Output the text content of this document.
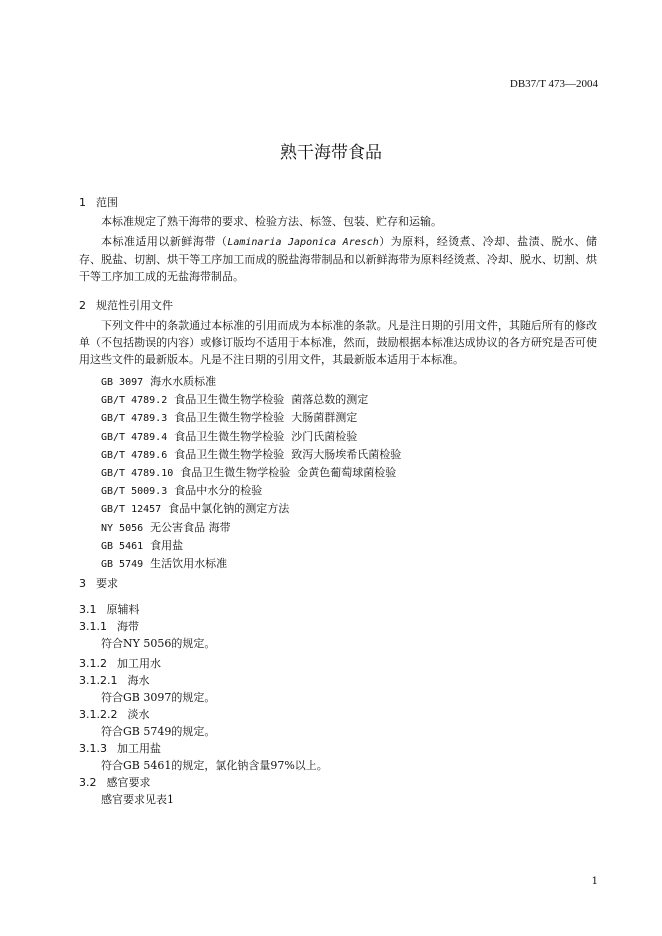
DB37/T 473—2004
熟干海带食品
1 范围
本标准规定了熟干海带的要求、检验方法、标签、包装、贮存和运输。
本标准适用以新鲜海带（Laminaria Japonica Aresch）为原料，经烫煮、冷却、盐渍、脱水、储存、脱盐、切割、烘干等工序加工而成的脱盐海带制品和以新鲜海带为原料经烫煮、冷却、脱水、切割、烘干等工序加工成的无盐海带制品。
2 规范性引用文件
下列文件中的条款通过本标准的引用而成为本标准的条款。凡是注日期的引用文件，其随后所有的修改单（不包括勘误的内容）或修订版均不适用于本标准，然而，鼓励根据本标准达成协议的各方研究是否可使用这些文件的最新版本。凡是不注日期的引用文件，其最新版本适用于本标准。
GB 3097 海水水质标准
GB/T 4789.2 食品卫生微生物学检验  菌落总数的测定
GB/T 4789.3 食品卫生微生物学检验  大肠菌群测定
GB/T 4789.4 食品卫生微生物学检验  沙门氏菌检验
GB/T 4789.6 食品卫生微生物学检验  致泻大肠埃希氏菌检验
GB/T 4789.10 食品卫生微生物学检验  金黄色葡萄球菌检验
GB/T 5009.3 食品中水分的检验
GB/T 12457 食品中氯化钠的测定方法
NY 5056 无公害食品 海带
GB 5461 食用盐
GB 5749 生活饮用水标准
3 要求
3.1 原辅料
3.1.1 海带
符合NY 5056的规定。
3.1.2 加工用水
3.1.2.1 海水
符合GB 3097的规定。
3.1.2.2 淡水
符合GB 5749的规定。
3.1.3 加工用盐
符合GB 5461的规定，氯化钠含量97%以上。
3.2 感官要求
感官要求见表1
1
